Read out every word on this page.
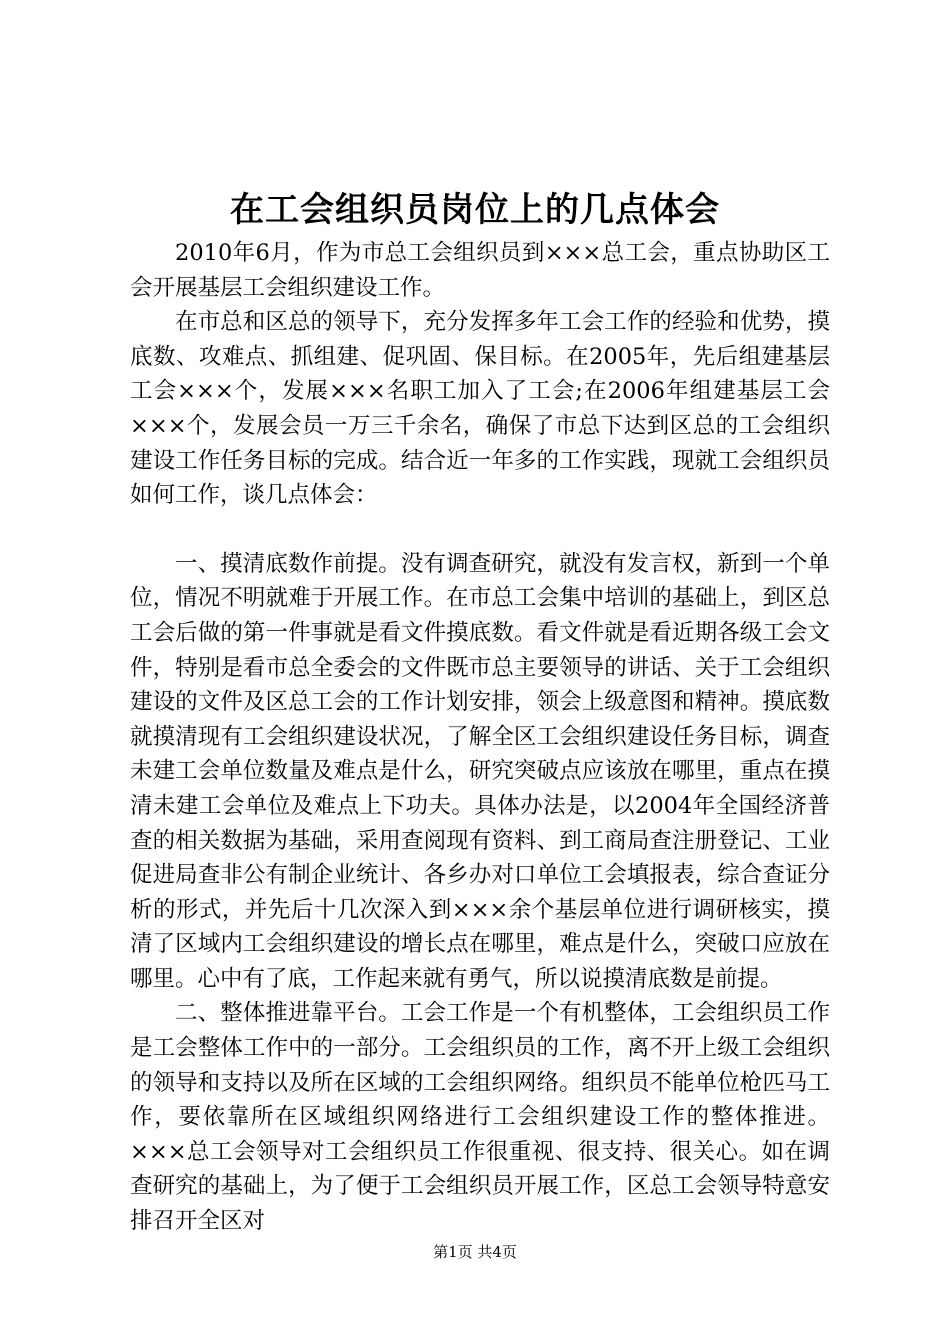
在工会组织员岗位上的几点体会

2010年6月，作为市总工会组织员到×××总工会，重点协助区工会开展基层工会组织建设工作。

在市总和区总的领导下，充分发挥多年工会工作的经验和优势，摸底数、攻难点、抓组建、促巩固、保目标。在2005年，先后组建基层工会×××个，发展×××名职工加入了工会;在2006年组建基层工会×××个，发展会员一万三千余名，确保了市总下达到区总的工会组织建设工作任务目标的完成。结合近一年多的工作实践，现就工会组织员如何工作，谈几点体会：

一、摸清底数作前提。没有调查研究，就没有发言权，新到一个单位，情况不明就难于开展工作。在市总工会集中培训的基础上，到区总工会后做的第一件事就是看文件摸底数。看文件就是看近期各级工会文件，特别是看市总全委会的文件既市总主要领导的讲话、关于工会组织建设的文件及区总工会的工作计划安排，领会上级意图和精神。摸底数就摸清现有工会组织建设状况，了解全区工会组织建设任务目标，调查未建工会单位数量及难点是什么，研究突破点应该放在哪里，重点在摸清未建工会单位及难点上下功夫。具体办法是，以2004年全国经济普查的相关数据为基础，采用查阅现有资料、到工商局查注册登记、工业促进局查非公有制企业统计、各乡办对口单位工会填报表，综合查证分析的形式，并先后十几次深入到×××余个基层单位进行调研核实，摸清了区域内工会组织建设的增长点在哪里，难点是什么，突破口应放在哪里。心中有了底，工作起来就有勇气，所以说摸清底数是前提。

二、整体推进靠平台。工会工作是一个有机整体，工会组织员工作是工会整体工作中的一部分。工会组织员的工作，离不开上级工会组织的领导和支持以及所在区域的工会组织网络。组织员不能单位枪匹马工作，要依靠所在区域组织网络进行工会组织建设工作的整体推进。×××总工会领导对工会组织员工作很重视、很支持、很关心。如在调查研究的基础上，为了便于工会组织员开展工作，区总工会领导特意安排召开全区对

第1页 共4页
